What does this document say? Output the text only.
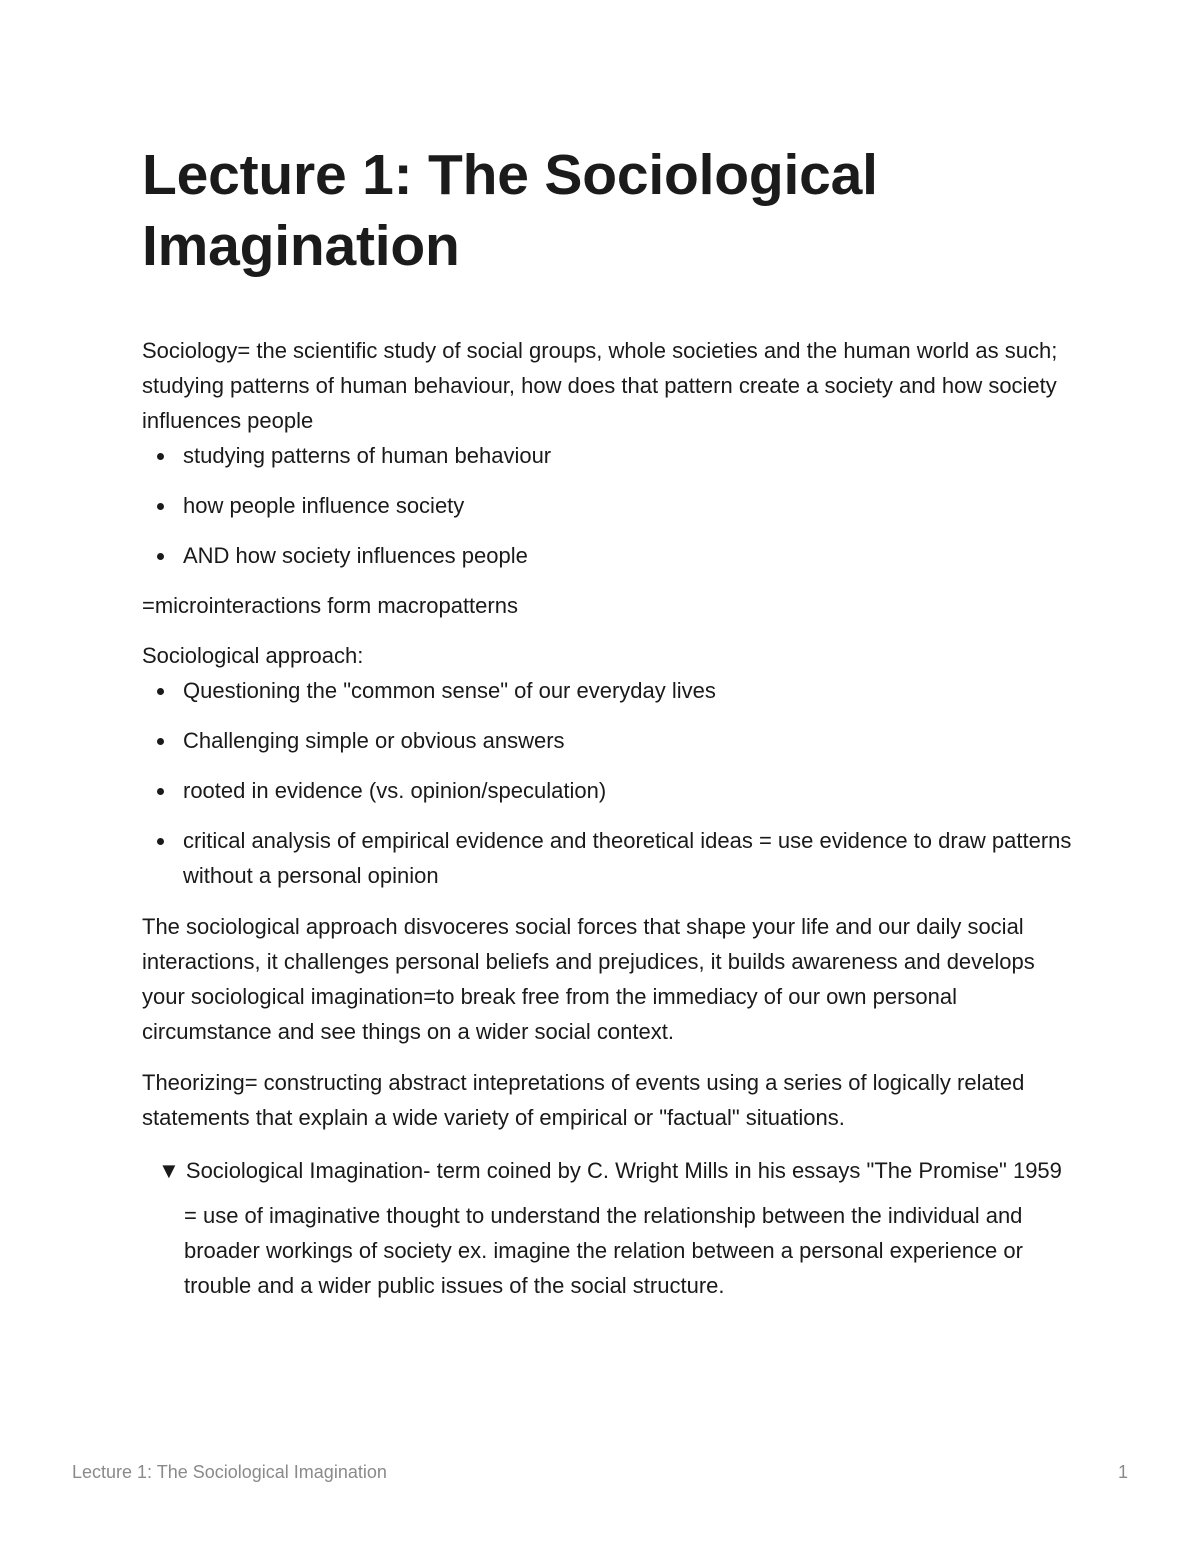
Lecture 1: The Sociological Imagination

Sociology= the scientific study of social groups, whole societies and the human world as such; studying patterns of human behaviour, how does that pattern create a society and how society influences people

studying patterns of human behaviour
how people influence society
AND how society influences people

=microinteractions form macropatterns

Sociological approach:

Questioning the "common sense" of our everyday lives
Challenging simple or obvious answers
rooted in evidence (vs. opinion/speculation)
critical analysis of empirical evidence and theoretical ideas = use evidence to draw patterns without a personal opinion

The sociological approach disvoceres social forces that shape your life and our daily social interactions, it challenges personal beliefs and prejudices, it builds awareness and develops your sociological imagination=to break free from the immediacy of our own personal circumstance and see things on a wider social context.

Theorizing= constructing abstract intepretations of events using a series of logically related statements that explain a wide variety of empirical or "factual" situations.

▼ Sociological Imagination- term coined by C. Wright Mills in his essays "The Promise" 1959

= use of imaginative thought to understand the relationship between the individual and broader workings of society ex. imagine the relation between a personal experience or trouble and a wider public issues of the social structure.

Lecture 1: The Sociological Imagination	1
